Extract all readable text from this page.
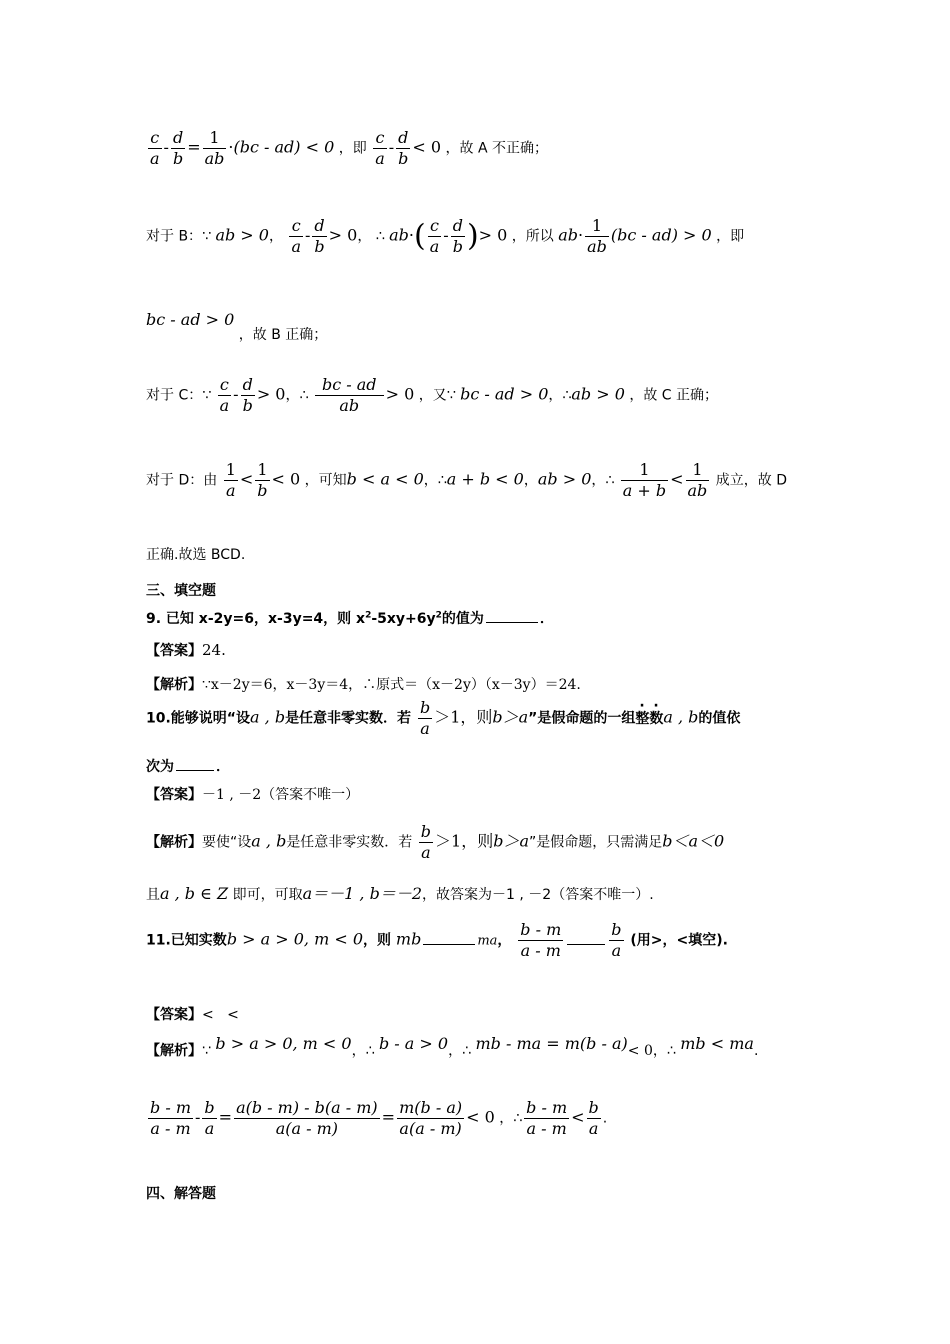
$\frac{c}{a} - \frac{d}{b} = \frac{1}{ab} \cdot(bc - ad) < 0$ ，即 $\frac{c}{a} - \frac{d}{b} < 0$ ，故 A 不正确；
对于 B：∵ ab > 0， $\frac{c}{a} - \frac{d}{b} > 0$， ∴ $ab\cdot( \frac{c}{a} - \frac{d}{b}$ )> 0 ，所以 $ab\cdot \frac{1}{ab} (bc - ad) > 0$ ，即
bc - ad > 0 ，故 B 正确；
对于 C：∵ $\frac{c}{a} - \frac{d}{b} > 0$，∴ $\frac{bc - ad}{ab} > 0$ ，又∵ bc - ad > 0，∴ab > 0 ，故 C 正确；
对于 D：由 $\frac{1}{a} < \frac{1}{b} < 0$ ，可知b < a < 0，∴a + b < 0，ab > 0，∴ $\frac{1}{a + b} < \frac{1}{ab}$ 成立，故 D
正确.故选 BCD.
三、填空题
9. 已知 x-2y=6，x-3y=4，则 $x^2-5xy+6y^2$的值为	．
【答案】24.
【解析】∵x－2y＝6，x－3y＝4，∴原式＝（x－2y）（x－3y）＝24.
10.能够说明“设a , b是任意非零实数．若 $\frac{b}{a} >1$，则b＞a”是假命题的一组整数a , b的值依
次为	．
【答案】－1 , －2（答案不唯一）
【解析】要使“设a , b是任意非零实数．若 $\frac{b}{a} >1$，则b＞a”是假命题，只需满足b＜a＜0
且a , b ∈ Z 即可，可取a＝－1 , b＝－2，故答案为－1 , －2（答案不唯一）.
11.已知实数b > a > 0, m < 0，则 mb	ma， $\frac{b - m}{a - m}$	$\frac{b}{a}$ (用>，<填空).
【答案】<   <
【解析】∵ b > a > 0, m < 0，∴ b - a > 0，∴ mb - ma = m(b - a)< 0，∴ mb < ma.
$\frac{b - m}{a - m} - \frac{b}{a} = \frac{a(b - m) - b(a - m)}{a(a - m)} = \frac{m(b - a)}{a(a - m)} < 0$ ，∴ $\frac{b - m}{a - m} < \frac{b}{a}$ .
四、解答题
